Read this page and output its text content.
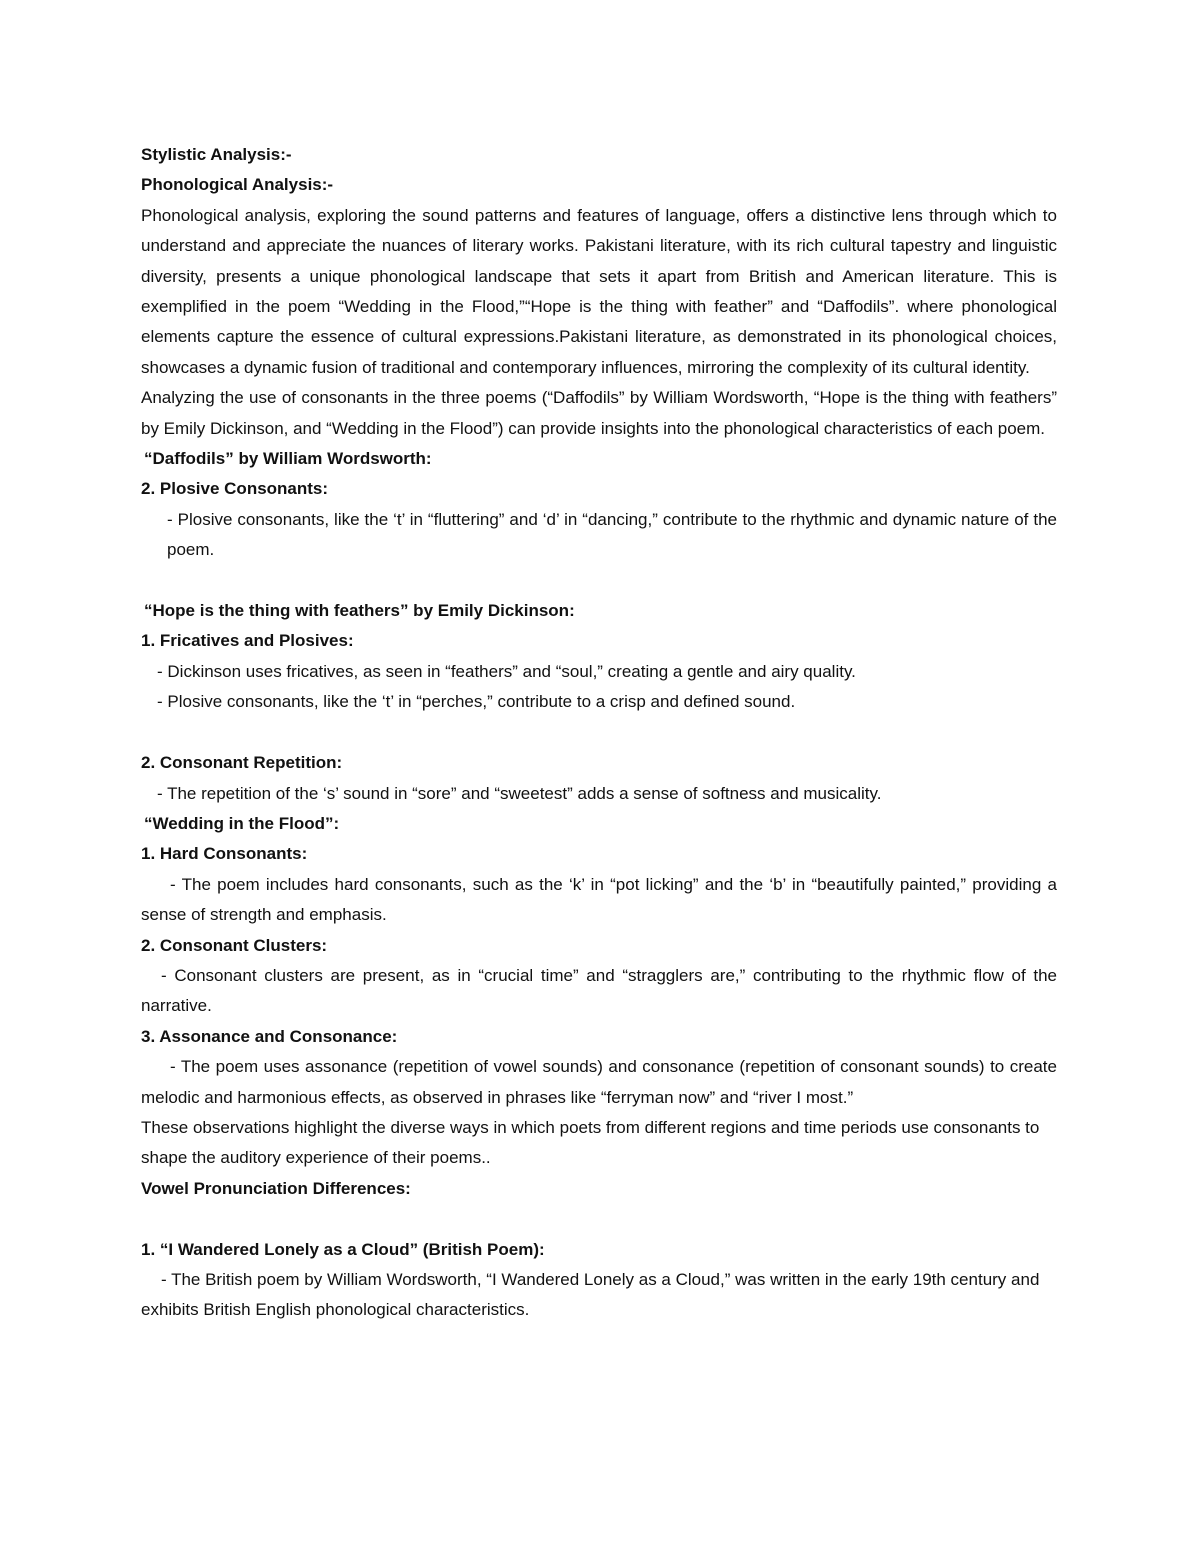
Stylistic Analysis:-

Phonological Analysis:-

Phonological analysis, exploring the sound patterns and features of language, offers a distinctive lens through which to understand and appreciate the nuances of literary works. Pakistani literature, with its rich cultural tapestry and linguistic diversity, presents a unique phonological landscape that sets it apart from British and American literature. This is exemplified in the poem “Wedding in the Flood,”“Hope is the thing with feather” and “Daffodils”. where phonological elements capture the essence of cultural expressions.Pakistani literature, as demonstrated in its phonological choices, showcases a dynamic fusion of traditional and contemporary influences, mirroring the complexity of its cultural identity.

Analyzing the use of consonants in the three poems (“Daffodils” by William Wordsworth, “Hope is the thing with feathers” by Emily Dickinson, and “Wedding in the Flood”) can provide insights into the phonological characteristics of each poem.

“Daffodils” by William Wordsworth:

2. Plosive Consonants:

- Plosive consonants, like the ‘t’ in “fluttering” and ‘d’ in “dancing,” contribute to the rhythmic and dynamic nature of the poem.

“Hope is the thing with feathers” by Emily Dickinson:

1. Fricatives and Plosives:

- Dickinson uses fricatives, as seen in “feathers” and “soul,” creating a gentle and airy quality.

- Plosive consonants, like the ‘t’ in “perches,” contribute to a crisp and defined sound.

2. Consonant Repetition:

- The repetition of the ‘s’ sound in “sore” and “sweetest” adds a sense of softness and musicality.

“Wedding in the Flood”:

1. Hard Consonants:

- The poem includes hard consonants, such as the ‘k’ in “pot licking” and the ‘b’ in “beautifully painted,” providing a sense of strength and emphasis.

2. Consonant Clusters:

- Consonant clusters are present, as in “crucial time” and “stragglers are,” contributing to the rhythmic flow of the narrative.

3. Assonance and Consonance:

- The poem uses assonance (repetition of vowel sounds) and consonance (repetition of consonant sounds) to create melodic and harmonious effects, as observed in phrases like “ferryman now” and “river I most.”

These observations highlight the diverse ways in which poets from different regions and time periods use consonants to shape the auditory experience of their poems..

Vowel Pronunciation Differences:

1. “I Wandered Lonely as a Cloud” (British Poem):

- The British poem by William Wordsworth, “I Wandered Lonely as a Cloud,” was written in the early 19th century and exhibits British English phonological characteristics.
